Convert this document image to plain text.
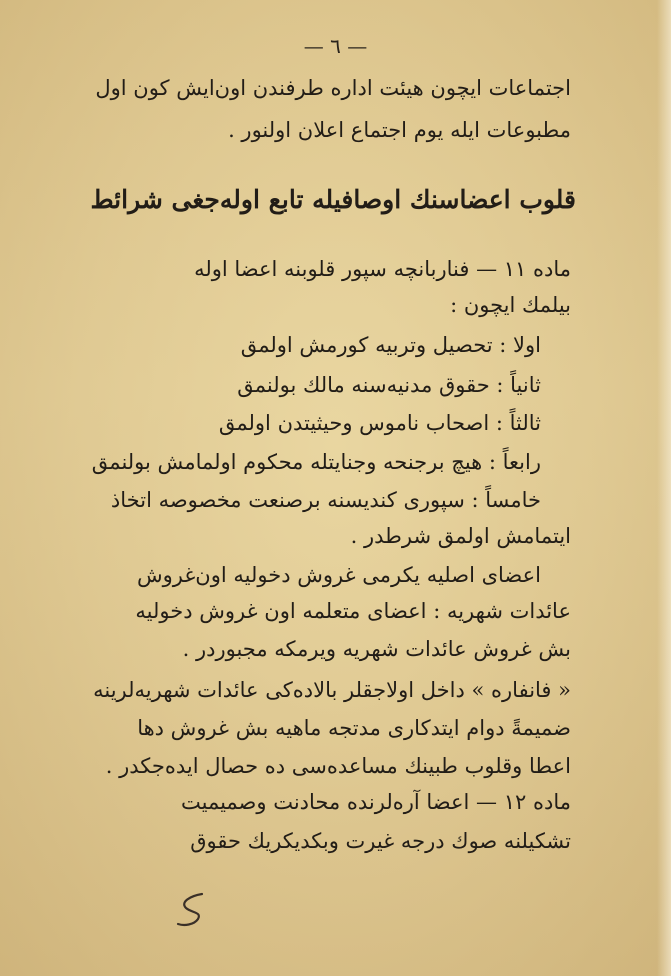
— ٦ —
اجتماعات ایچون هیئت اداره طرفندن اون‌ایش کون اول
مطبوعات ایله یوم اجتماع اعلان اولنور .
قلوب اعضاسنك اوصافیله تابع اوله‌جغی شرائط
ماده ۱۱ — فناربانچه سپور قلوبنه اعضا اوله
بیلمك ایچون :
اولا : تحصیل وتربیه کورمش اولمق
ثانیاً : حقوق مدنیه‌سنه مالك بولنمق
ثالثاً : اصحاب ناموس وحیثیتدن اولمق
رابعاً : هیچ برجنحه وجنایتله محکوم اولمامش بولنمق
خامساً : سپوری کندیسنه برصنعت مخصوصه اتخاذ
ایتمامش اولمق شرطدر .
اعضای اصلیه یکرمی غروش دخولیه اون‌غروش
عائدات شهریه : اعضای متعلمه اون غروش دخولیه
بش غروش عائدات شهریه ویرمکه مجبوردر .
« فانفاره » داخل اولاجقلر بالاده‌کی عائدات شهریه‌لرینه
ضمیمةً دوام ایتدکاری مدتجه ماهیه بش غروش دها
اعطا وقلوب طبینك مساعده‌سی ده حصال ایده‌جکدر .
ماده ۱۲ — اعضا آره‌لرنده محادنت وصمیمیت
تشکیلنه صوك درجه غیرت وبکدیکریك حقوق
